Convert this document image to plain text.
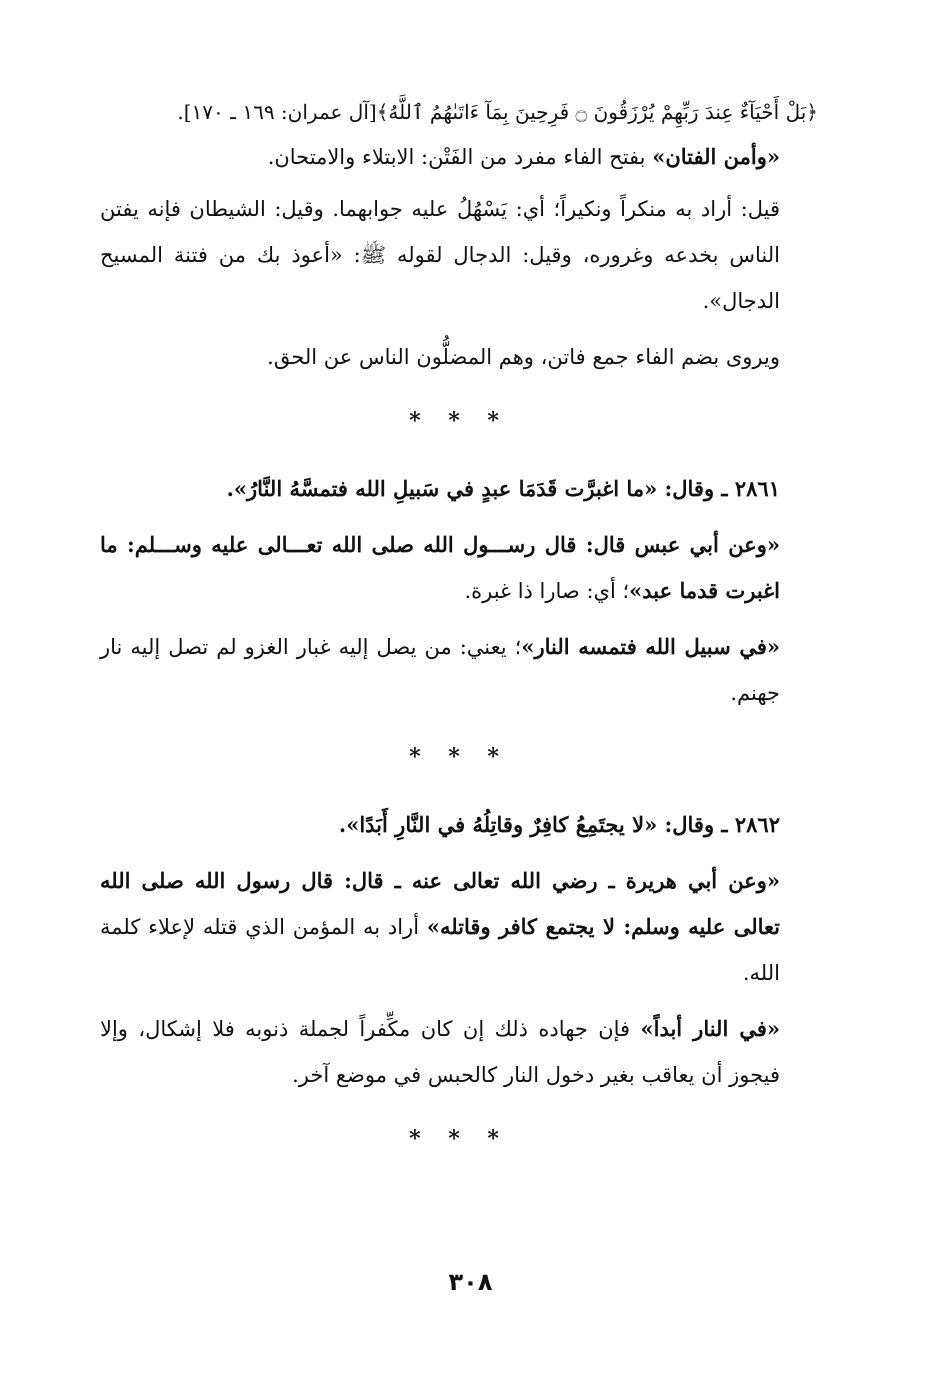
﴿بَلْ أَحْيَآءٌ عِندَ رَبِّهِمْ يُرْزَقُونَ ۝ فَرِحِينَ بِمَآ ءَاتَىٰهُمُ ٱللَّهُ﴾[آل عمران: ١٦٩ ـ ١٧٠].

«وأمن الفتان» بفتح الفاء مفرد من الفَتْن: الابتلاء والامتحان.

قيل: أراد به منكراً ونكيراً؛ أي: يَسْهُلُ عليه جوابهما. وقيل: الشيطان فإنه يفتن الناس بخدعه وغروره، وقيل: الدجال لقوله ﷺ: «أعوذ بك من فتنة المسيح الدجال».

ويروى بضم الفاء جمع فاتن، وهم المضلُّون الناس عن الحق.

* * *

٢٨٦١ ـ وقال: «ما اغبرَّت قَدَمَا عبدٍ في سَبيلِ الله فتمسَّهُ النَّارُ».

«وعن أبي عبس قال: قال رســـول الله صلى الله تعـــالى عليه وســـلم: ما اغبرت قدما عبد»؛ أي: صارا ذا غبرة.

«في سبيل الله فتمسه النار»؛ يعني: من يصل إليه غبار الغزو لم تصل إليه نار جهنم.

* * *

٢٨٦٢ ـ وقال: «لا يجتَمِعُ كافِرٌ وقاتِلُهُ في النَّارِ أَبَدًا».

«وعن أبي هريرة ـ رضي الله تعالى عنه ـ قال: قال رسول الله صلى الله تعالى عليه وسلم: لا يجتمع كافر وقاتله» أراد به المؤمن الذي قتله لإعلاء كلمة الله.

«في النار أبداً» فإن جهاده ذلك إن كان مكِّفراً لجملة ذنوبه فلا إشكال، وإلا فيجوز أن يعاقب بغير دخول النار كالحبس في موضع آخر.

* * *
٣٠٨
